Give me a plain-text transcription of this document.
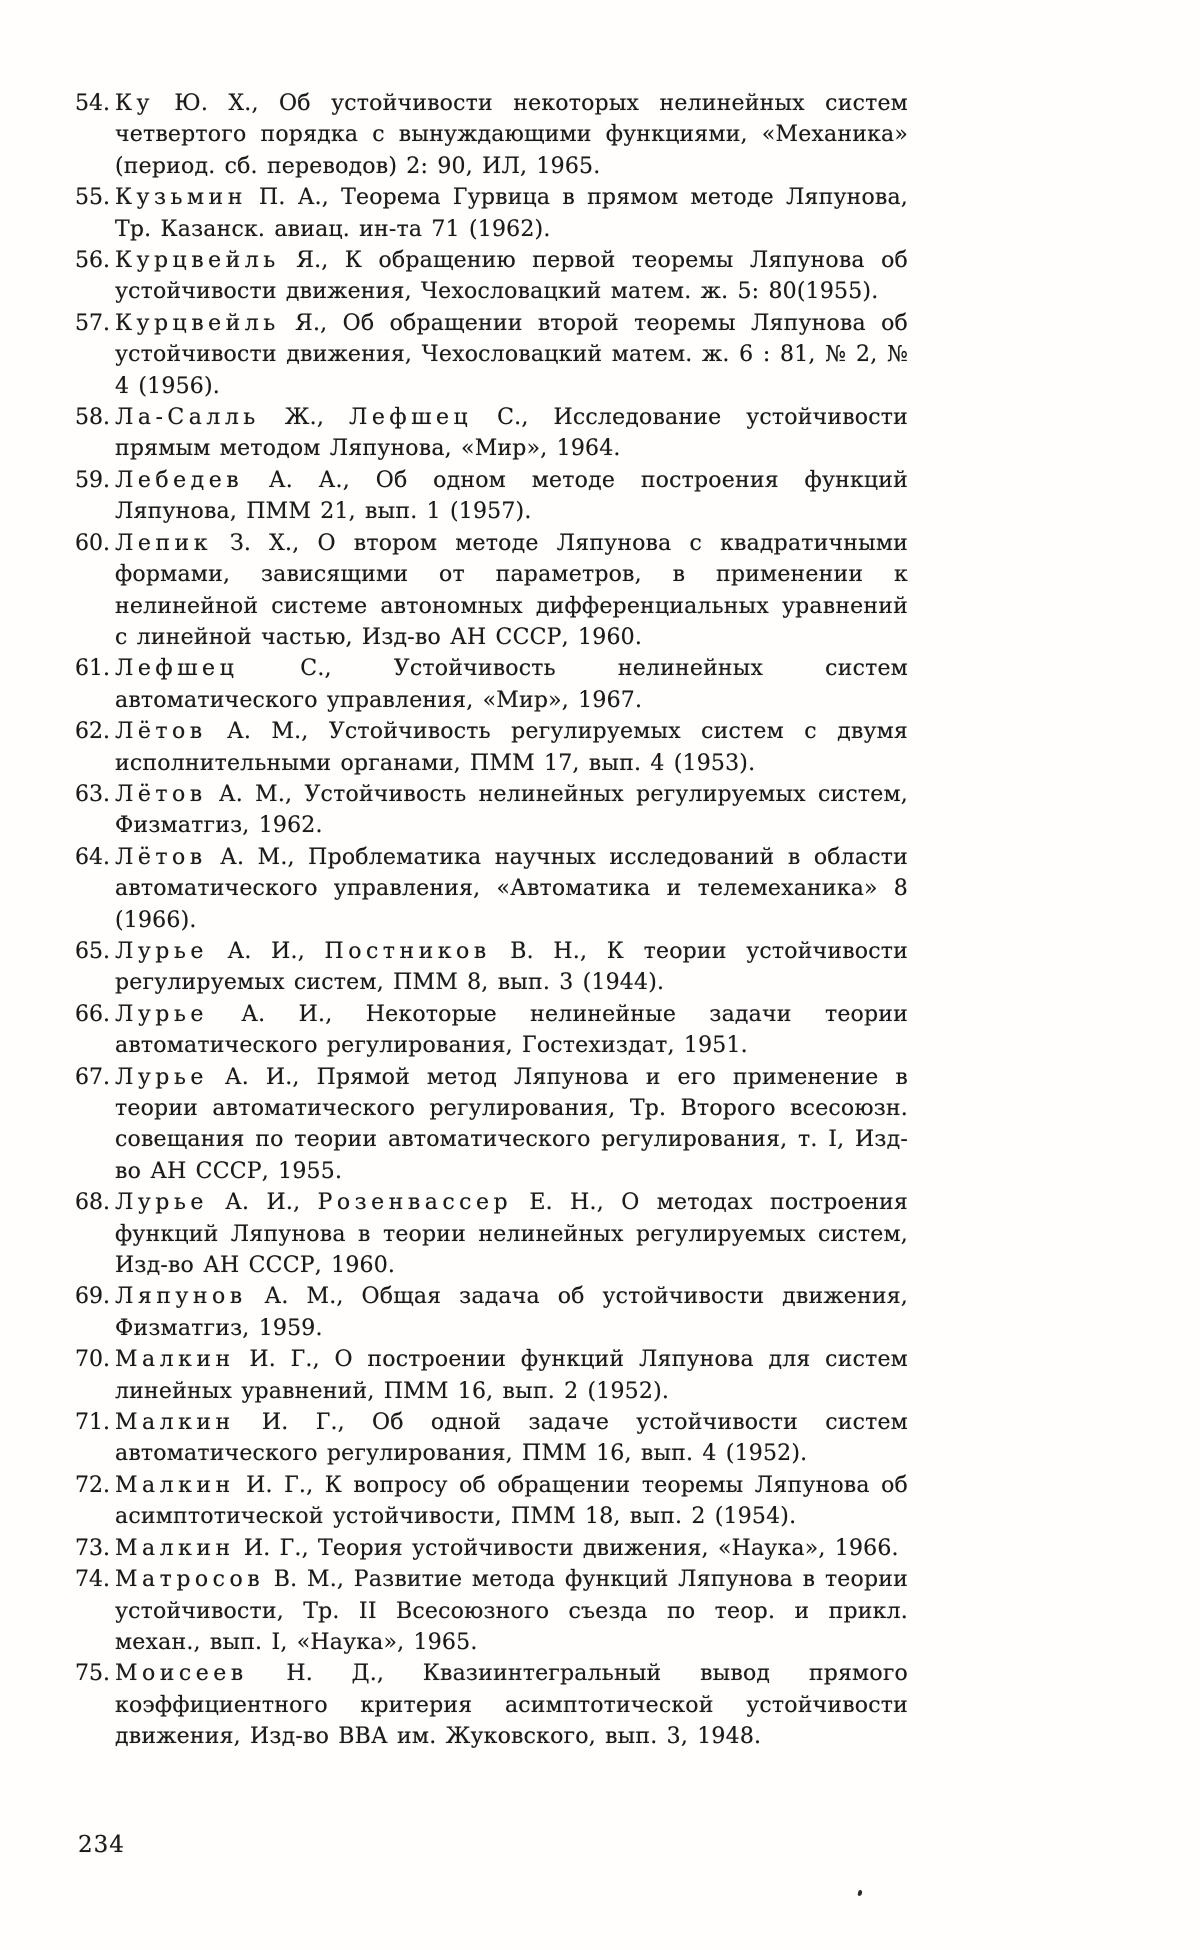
54. Ку Ю. Х., Об устойчивости некоторых нелинейных систем четвертого порядка с вынуждающими функциями, «Механика» (период. сб. переводов) 2: 90, ИЛ, 1965.
55. Кузьмин П. А., Теорема Гурвица в прямом методе Ляпунова, Тр. Казанск. авиац. ин-та 71 (1962).
56. Курцвейль Я., К обращению первой теоремы Ляпунова об устойчивости движения, Чехословацкий матем. ж. 5: 80(1955).
57. Курцвейль Я., Об обращении второй теоремы Ляпунова об устойчивости движения, Чехословацкий матем. ж. 6 : 81, № 2, № 4 (1956).
58. Ла-Салль Ж., Лефшец С., Исследование устойчивости прямым методом Ляпунова, «Мир», 1964.
59. Лебедев А. А., Об одном методе построения функций Ляпунова, ПММ 21, вып. 1 (1957).
60. Лепик З. Х., О втором методе Ляпунова с квадратичными формами, зависящими от параметров, в применении к нелинейной системе автономных дифференциальных уравнений с линейной частью, Изд-во АН СССР, 1960.
61. Лефшец С., Устойчивость нелинейных систем автоматического управления, «Мир», 1967.
62. Лётов А. М., Устойчивость регулируемых систем с двумя исполнительными органами, ПММ 17, вып. 4 (1953).
63. Лётов А. М., Устойчивость нелинейных регулируемых систем, Физматгиз, 1962.
64. Лётов А. М., Проблематика научных исследований в области автоматического управления, «Автоматика и телемеханика» 8 (1966).
65. Лурье А. И., Постников В. Н., К теории устойчивости регулируемых систем, ПММ 8, вып. 3 (1944).
66. Лурье А. И., Некоторые нелинейные задачи теории автоматического регулирования, Гостехиздат, 1951.
67. Лурье А. И., Прямой метод Ляпунова и его применение в теории автоматического регулирования, Тр. Второго всесоюзн. совещания по теории автоматического регулирования, т. I, Изд-во АН СССР, 1955.
68. Лурье А. И., Розенвассер Е. Н., О методах построения функций Ляпунова в теории нелинейных регулируемых систем, Изд-во АН СССР, 1960.
69. Ляпунов А. М., Общая задача об устойчивости движения, Физматгиз, 1959.
70. Малкин И. Г., О построении функций Ляпунова для систем линейных уравнений, ПММ 16, вып. 2 (1952).
71. Малкин И. Г., Об одной задаче устойчивости систем автоматического регулирования, ПММ 16, вып. 4 (1952).
72. Малкин И. Г., К вопросу об обращении теоремы Ляпунова об асимптотической устойчивости, ПММ 18, вып. 2 (1954).
73. Малкин И. Г., Теория устойчивости движения, «Наука», 1966.
74. Матросов В. М., Развитие метода функций Ляпунова в теории устойчивости, Тр. II Всесоюзного съезда по теор. и прикл. механ., вып. I, «Наука», 1965.
75. Моисеев Н. Д., Квазиинтегральный вывод прямого коэффициентного критерия асимптотической устойчивости движения, Изд-во ВВА им. Жуковского, вып. 3, 1948.
234
